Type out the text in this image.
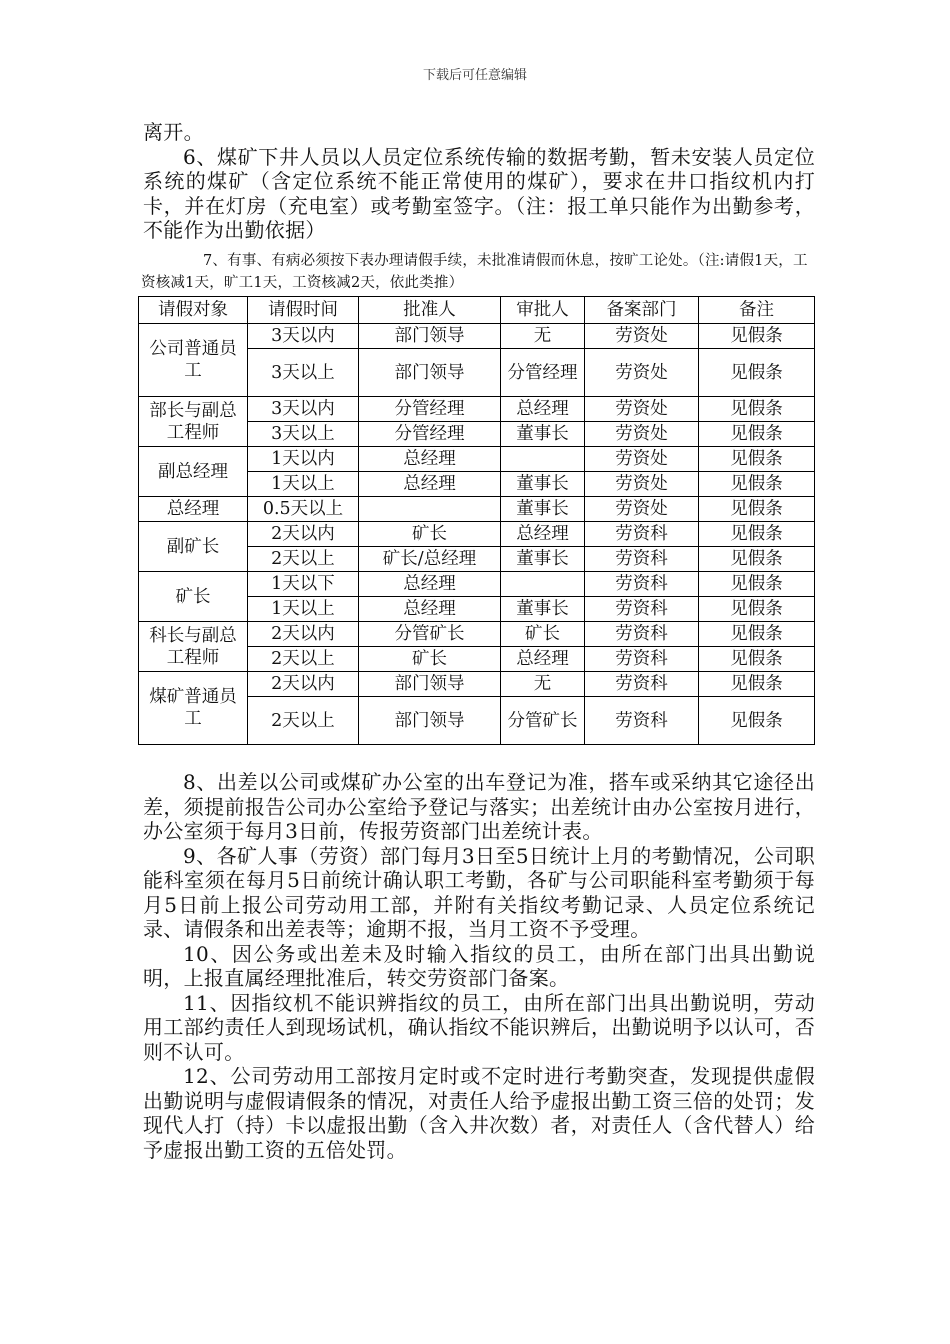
下载后可任意编辑
离开。
6、煤矿下井人员以人员定位系统传输的数据考勤，暂未安装人员定位系统的煤矿（含定位系统不能正常使用的煤矿），要求在井口指纹机内打卡，并在灯房（充电室）或考勤室签字。（注：报工单只能作为出勤参考，不能作为出勤依据）
7、有事、有病必须按下表办理请假手续，未批准请假而休息，按旷工论处。（注:请假1天，工资核减1天，旷工1天，工资核减2天，依此类推）
请假对象	请假时间	批准人	审批人	备案部门	备注
公司普通员工	3天以内	部门领导	无	劳资处	见假条
	3天以上	部门领导	分管经理	劳资处	见假条
部长与副总工程师	3天以内	分管经理	总经理	劳资处	见假条
	3天以上	分管经理	董事长	劳资处	见假条
副总经理	1天以内	总经理		劳资处	见假条
	1天以上	总经理	董事长	劳资处	见假条
总经理	0.5天以上		董事长	劳资处	见假条
副矿长	2天以内	矿长	总经理	劳资科	见假条
	2天以上	矿长/总经理	董事长	劳资科	见假条
矿长	1天以下	总经理		劳资科	见假条
	1天以上	总经理	董事长	劳资科	见假条
科长与副总工程师	2天以内	分管矿长	矿长	劳资科	见假条
	2天以上	矿长	总经理	劳资科	见假条
煤矿普通员工	2天以内	部门领导	无	劳资科	见假条
	2天以上	部门领导	分管矿长	劳资科	见假条
8、出差以公司或煤矿办公室的出车登记为准，搭车或采纳其它途径出差，须提前报告公司办公室给予登记与落实；出差统计由办公室按月进行，办公室须于每月3日前，传报劳资部门出差统计表。
9、各矿人事（劳资）部门每月3日至5日统计上月的考勤情况，公司职能科室须在每月5日前统计确认职工考勤，各矿与公司职能科室考勤须于每月5日前上报公司劳动用工部，并附有关指纹考勤记录、人员定位系统记录、请假条和出差表等；逾期不报，当月工资不予受理。
10、因公务或出差未及时输入指纹的员工，由所在部门出具出勤说明，上报直属经理批准后，转交劳资部门备案。
11、因指纹机不能识辨指纹的员工，由所在部门出具出勤说明，劳动用工部约责任人到现场试机，确认指纹不能识辨后，出勤说明予以认可，否则不认可。
12、公司劳动用工部按月定时或不定时进行考勤突查，发现提供虚假出勤说明与虚假请假条的情况，对责任人给予虚报出勤工资三倍的处罚；发现代人打（持）卡以虚报出勤（含入井次数）者，对责任人（含代替人）给予虚报出勤工资的五倍处罚。
